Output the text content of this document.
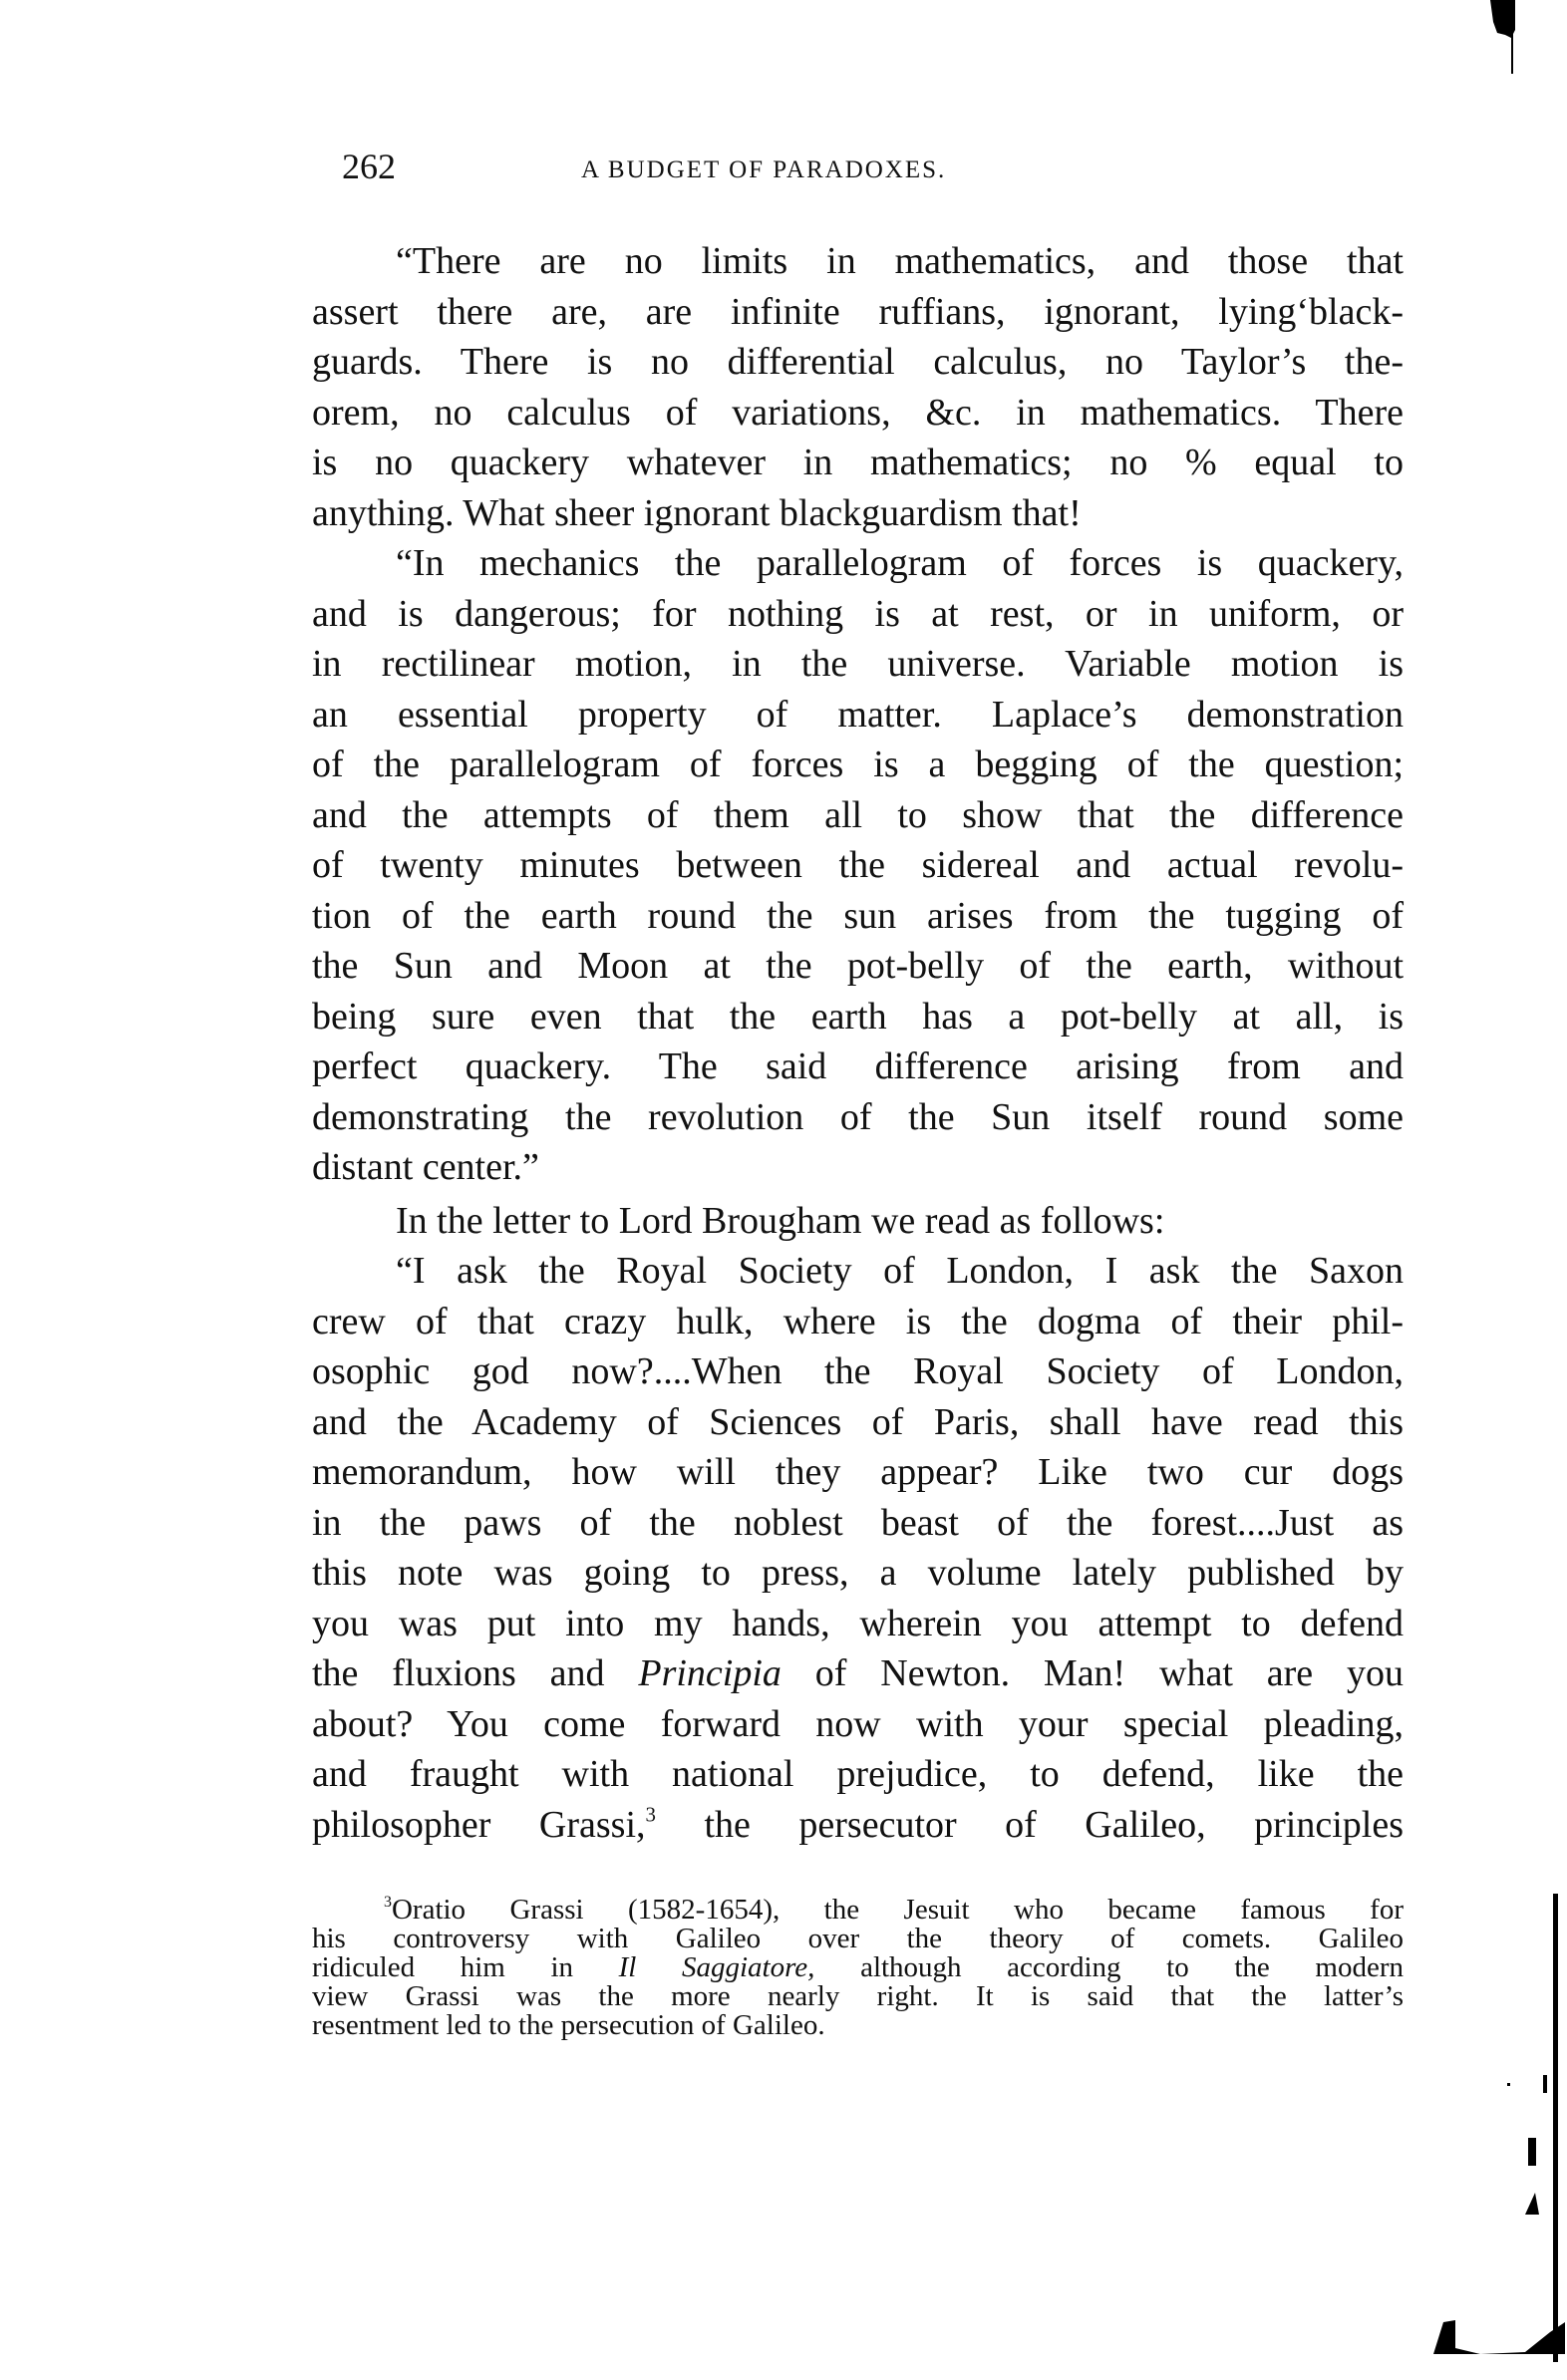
262	A BUDGET OF PARADOXES.
“There are no limits in mathematics, and those that
assert there are, are infinite ruffians, ignorant, lying‘black-
guards. There is no differential calculus, no Taylor’s the-
orem, no calculus of variations, &c. in mathematics. There
is no quackery whatever in mathematics; no % equal to
anything. What sheer ignorant blackguardism that!
“In mechanics the parallelogram of forces is quackery,
and is dangerous; for nothing is at rest, or in uniform, or
in rectilinear motion, in the universe. Variable motion is
an essential property of matter. Laplace’s demonstration
of the parallelogram of forces is a begging of the question;
and the attempts of them all to show that the difference
of twenty minutes between the sidereal and actual revolu-
tion of the earth round the sun arises from the tugging of
the Sun and Moon at the pot-belly of the earth, without
being sure even that the earth has a pot-belly at all, is
perfect quackery. The said difference arising from and
demonstrating the revolution of the Sun itself round some
distant center.”
In the letter to Lord Brougham we read as follows:
“I ask the Royal Society of London, I ask the Saxon
crew of that crazy hulk, where is the dogma of their phil-
osophic god now?....When the Royal Society of London,
and the Academy of Sciences of Paris, shall have read this
memorandum, how will they appear? Like two cur dogs
in the paws of the noblest beast of the forest....Just as
this note was going to press, a volume lately published by
you was put into my hands, wherein you attempt to defend
the fluxions and Principia of Newton. Man! what are you
about? You come forward now with your special pleading,
and fraught with national prejudice, to defend, like the
philosopher Grassi,$^3$ the persecutor of Galileo, principles
$^3$Oratio Grassi (1582-1654), the Jesuit who became famous for
his controversy with Galileo over the theory of comets. Galileo
ridiculed him in Il Saggiatore, although according to the modern
view Grassi was the more nearly right. It is said that the latter’s
resentment led to the persecution of Galileo.
